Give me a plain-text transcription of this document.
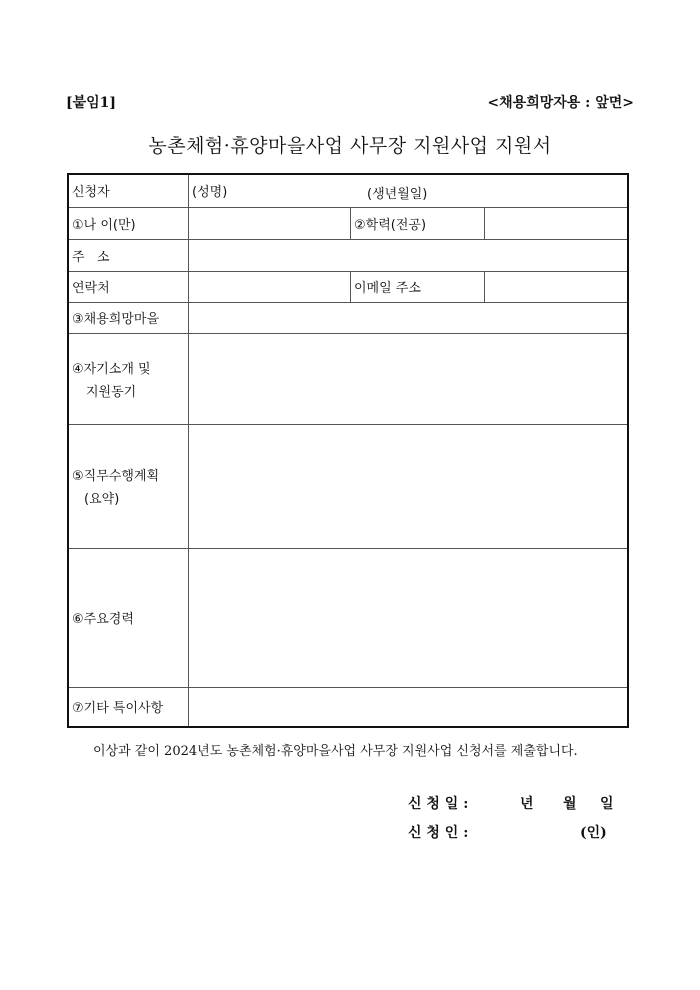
[붙임1]	<채용희망자용 : 앞면>
농촌체험·휴양마을사업 사무장 지원사업 지원서
신청자	(성명) (생년월일)		

①나 이(만)		②학력(전공)	
주   소			
연락처		이메일 주소	
③채용희망마을			

④자기소개 및
지원동기			

⑤직무수행계획
(요약)			

⑥주요경력			
⑦기타 특이사항			
이상과 같이 2024년도 농촌체험·휴양마을사업 사무장 지원사업 신청서를 제출합니다.
신 청 일 :	년 월 일
신 청 인 :	(인)
